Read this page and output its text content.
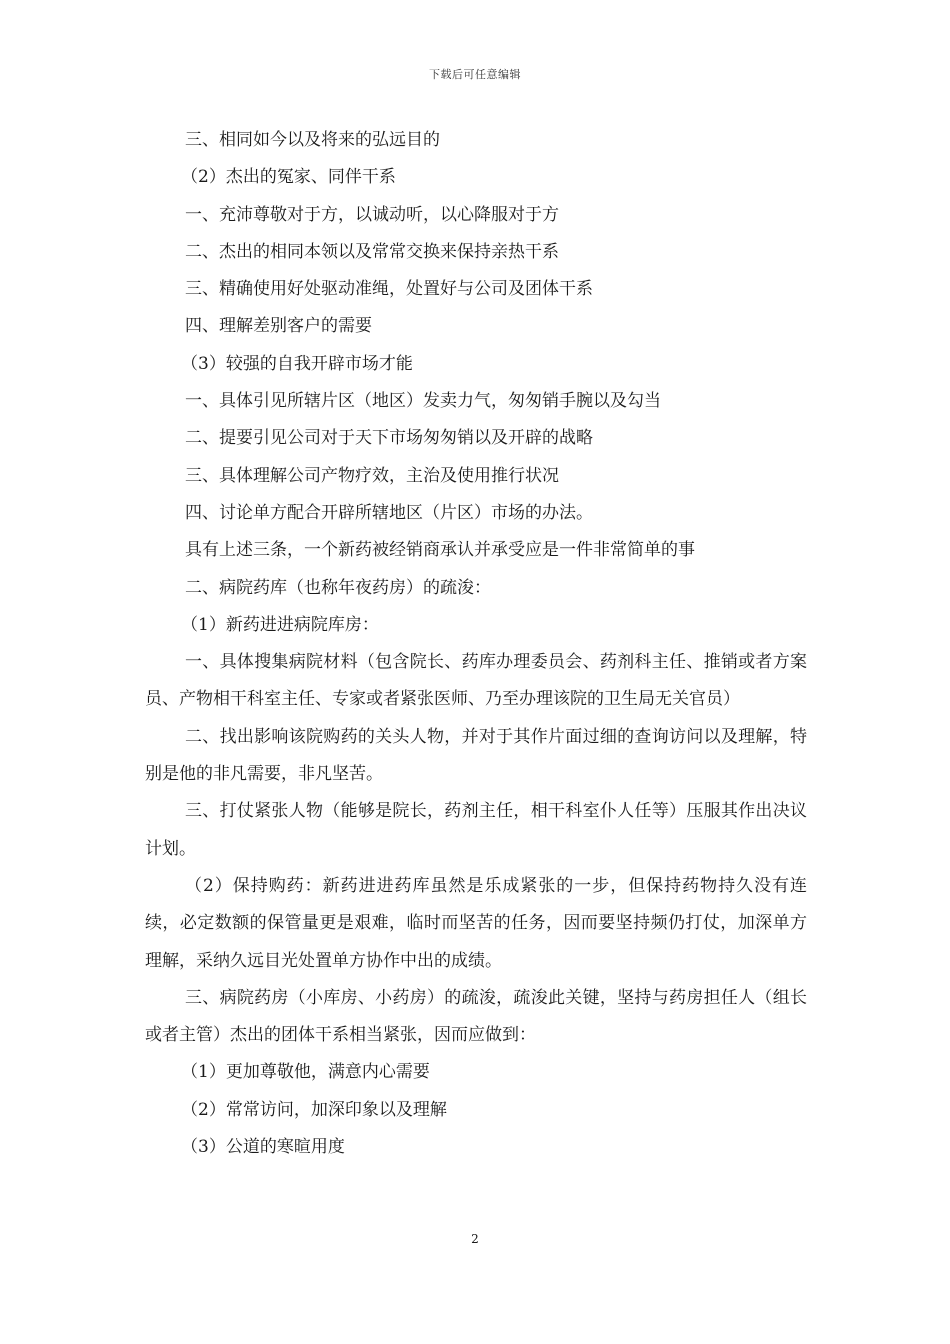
下载后可任意编辑
三、相同如今以及将来的弘远目的
（2）杰出的冤家、同伴干系
一、充沛尊敬对于方，以诚动听，以心降服对于方
二、杰出的相同本领以及常常交换来保持亲热干系
三、精确使用好处驱动准绳，处置好与公司及团体干系
四、理解差别客户的需要
（3）较强的自我开辟市场才能
一、具体引见所辖片区（地区）发卖力气，匆匆销手腕以及勾当
二、提要引见公司对于天下市场匆匆销以及开辟的战略
三、具体理解公司产物疗效，主治及使用推行状况
四、讨论单方配合开辟所辖地区（片区）市场的办法。
具有上述三条，一个新药被经销商承认并承受应是一件非常简单的事
二、病院药库（也称年夜药房）的疏浚：
（1）新药进进病院库房：
一、具体搜集病院材料（包含院长、药库办理委员会、药剂科主任、推销或者方案员、产物相干科室主任、专家或者紧张医师、乃至办理该院的卫生局无关官员）
二、找出影响该院购药的关头人物，并对于其作片面过细的查询访问以及理解，特别是他的非凡需要，非凡坚苦。
三、打仗紧张人物（能够是院长，药剂主任，相干科室仆人任等）压服其作出决议计划。
（2）保持购药：新药进进药库虽然是乐成紧张的一步，但保持药物持久没有连续，必定数额的保管量更是艰难，临时而坚苦的任务，因而要坚持频仍打仗，加深单方理解，采纳久远目光处置单方协作中出的成绩。
三、病院药房（小库房、小药房）的疏浚，疏浚此关键，坚持与药房担任人（组长或者主管）杰出的团体干系相当紧张，因而应做到：
（1）更加尊敬他，满意内心需要
（2）常常访问，加深印象以及理解
（3）公道的寒暄用度
2
